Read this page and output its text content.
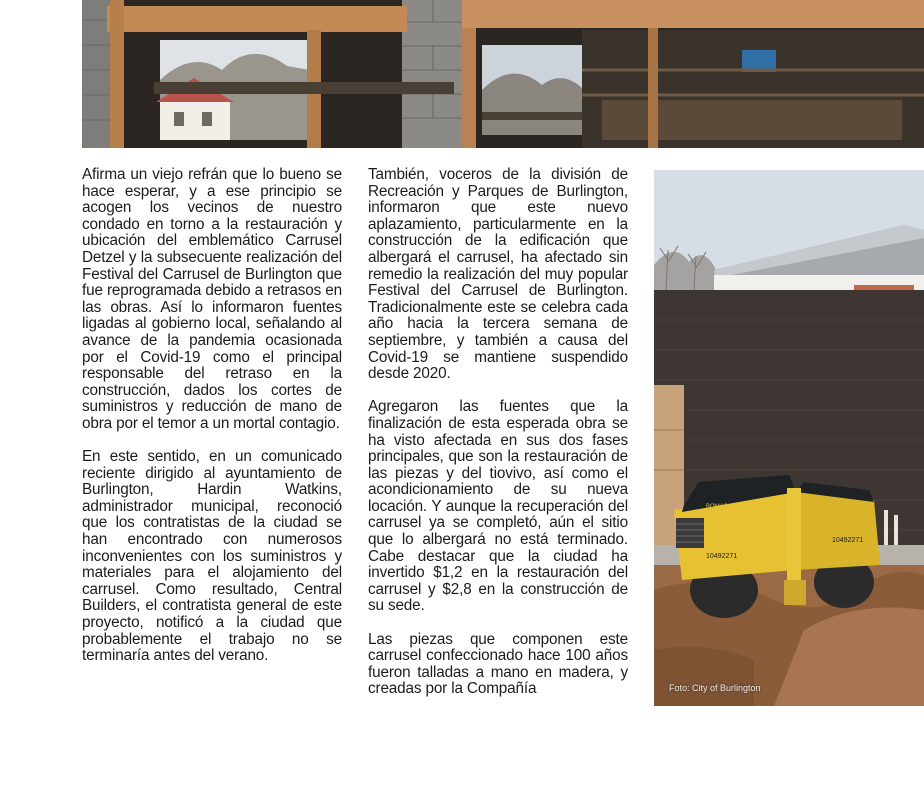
Afirma un viejo refrán que lo bueno se hace esperar, y a ese principio se acogen los vecinos de nuestro condado en torno a la restauración y ubicación del emblemático Carrusel Detzel y la subsecuente realización del Festival del Carrusel de Burlington que fue reprogramada debido a retrasos en las obras. Así lo informaron fuentes ligadas al gobierno local, señalando al avance de la pandemia ocasionada por el Covid-19 como el principal responsable del retraso en la construcción, dados los cortes de suministros y reducción de mano de obra por el temor a un mortal contagio.

En este sentido, en un comunicado reciente dirigido al ayuntamiento de Burlington, Hardin Watkins, administrador municipal, reconoció que los contratistas de la ciudad se han encontrado con numerosos inconvenientes con los suministros y materiales para el alojamiento del carrusel. Como resultado, Central Builders, el contratista general de este proyecto, notificó a la ciudad que probablemente el trabajo no se terminaría antes del verano.

También, voceros de la división de Recreación y Parques de Burlington, informaron que este nuevo aplazamiento, particularmente en la construcción de la edificación que albergará el carrusel, ha afectado sin remedio la realización del muy popular Festival del Carrusel de Burlington. Tradicionalmente este se celebra cada año hacia la tercera semana de septiembre, y también a causa del Covid-19 se mantiene suspendido desde 2020.

Agregaron las fuentes que la finalización de esta esperada obra se ha visto afectada en sus dos fases principales, que son la restauración de las piezas y del tiovivo, así como el acondicionamiento de su nueva locación. Y aunque la recuperación del carrusel ya se completó, aún el sitio que lo albergará no está terminado. Cabe destacar que la ciudad ha invertido $1,2 en la restauración del carrusel y $2,8 en la construcción de su sede.

Las piezas que componen este carrusel confeccionado hace 100 años fueron talladas a mano en madera, y creadas por la Compañía

BOMAG
10492271
10492271
Foto: City of Burlington
